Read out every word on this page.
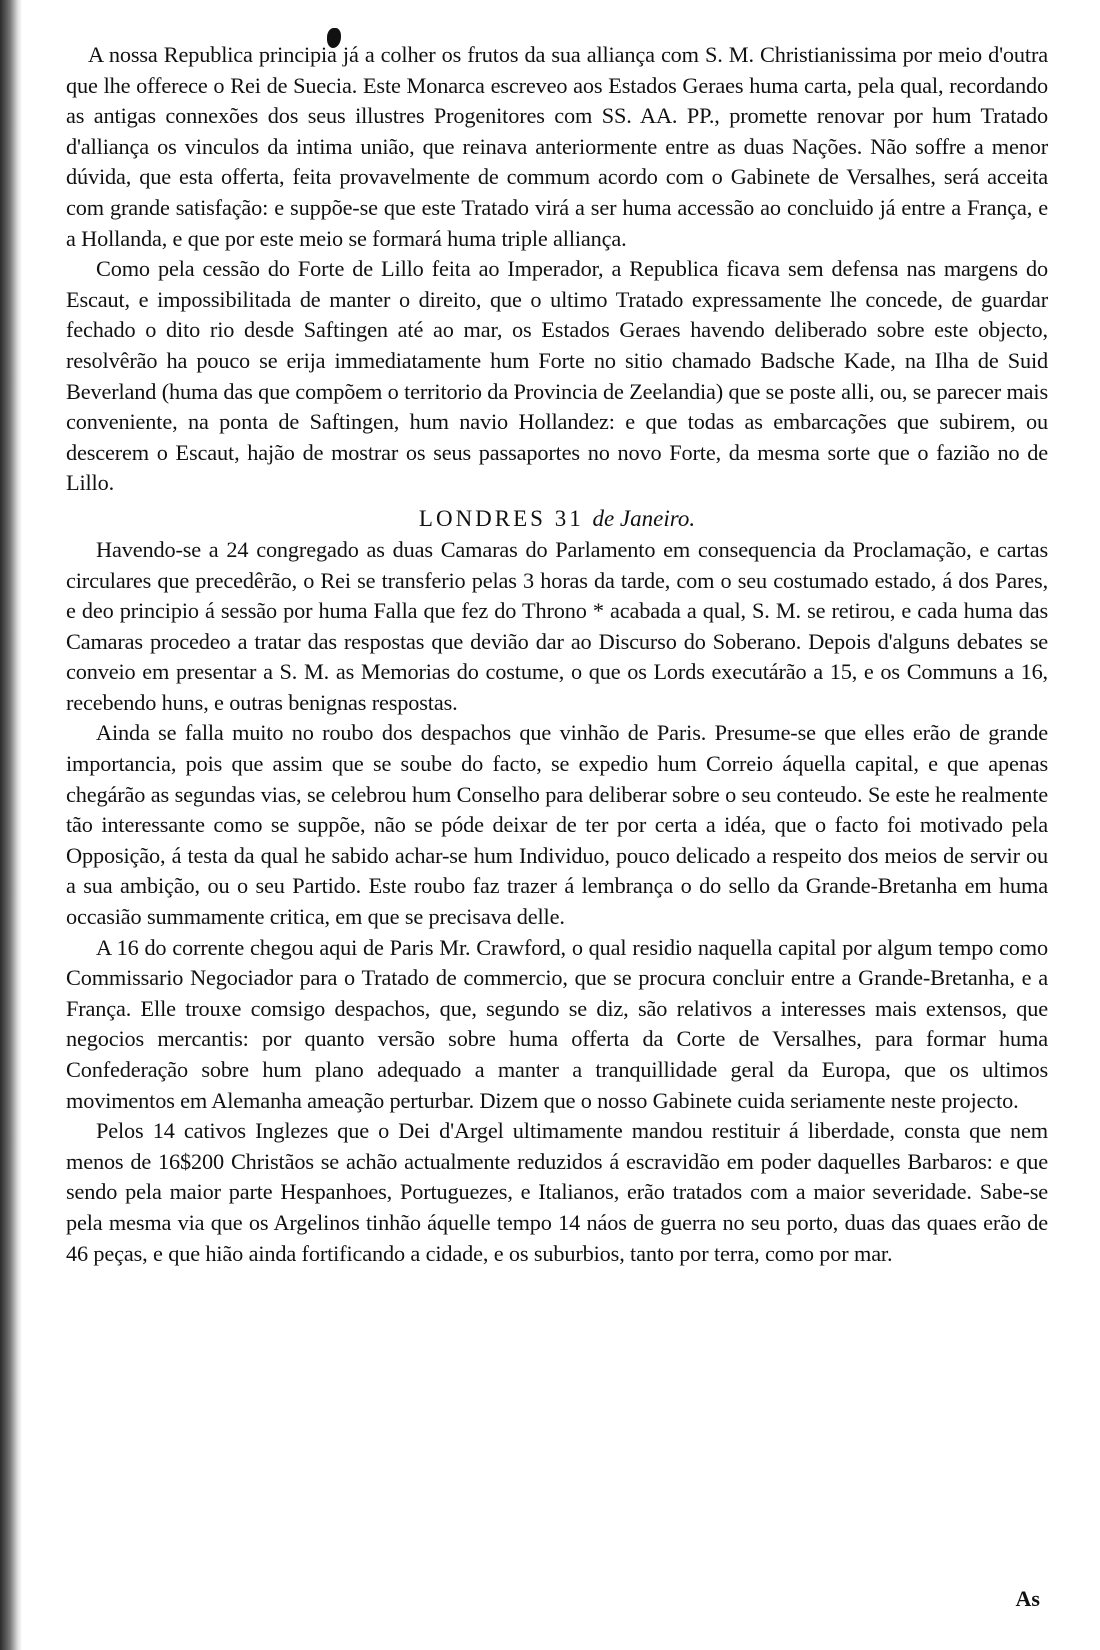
A nossa Republica principia já a colher os frutos da sua alliança com S. M. Christianissima por meio d'outra que lhe offerece o Rei de Suecia. Este Monarca escreveo aos Estados Geraes huma carta, pela qual, recordando as antigas connexões dos seus illustres Progenitores com SS. AA. PP., promette renovar por hum Tratado d'alliança os vinculos da intima união, que reinava anteriormente entre as duas Nações. Não soffre a menor dúvida, que esta offerta, feita provavelmente de commum acordo com o Gabinete de Versalhes, será acceita com grande satisfação: e suppõe-se que este Tratado virá a ser huma accessão ao concluido já entre a França, e a Hollanda, e que por este meio se formará huma triple alliança.

Como pela cessão do Forte de Lillo feita ao Imperador, a Republica ficava sem defensa nas margens do Escaut, e impossibilitada de manter o direito, que o ultimo Tratado expressamente lhe concede, de guardar fechado o dito rio desde Saftingen até ao mar, os Estados Geraes havendo deliberado sobre este objecto, resolvêrão ha pouco se erija immediatamente hum Forte no sitio chamado Badsche Kade, na Ilha de Suid Beverland (huma das que compõem o territorio da Provincia de Zeelandia) que se poste alli, ou, se parecer mais conveniente, na ponta de Saftingen, hum navio Hollandez: e que todas as embarcações que subirem, ou descerem o Escaut, hajão de mostrar os seus passaportes no novo Forte, da mesma sorte que o fazião no de Lillo.

LONDRES 31 de Janeiro.

Havendo-se a 24 congregado as duas Camaras do Parlamento em consequencia da Proclamação, e cartas circulares que precedêrão, o Rei se transferio pelas 3 horas da tarde, com o seu costumado estado, á dos Pares, e deo principio á sessão por huma Falla que fez do Throno * acabada a qual, S. M. se retirou, e cada huma das Camaras procedeo a tratar das respostas que devião dar ao Discurso do Soberano. Depois d'alguns debates se conveio em presentar a S. M. as Memorias do costume, o que os Lords executárão a 15, e os Communs a 16, recebendo huns, e outras benignas respostas.

Ainda se falla muito no roubo dos despachos que vinhão de Paris. Presume-se que elles erão de grande importancia, pois que assim que se soube do facto, se expedio hum Correio áquella capital, e que apenas chegárão as segundas vias, se celebrou hum Conselho para deliberar sobre o seu conteudo. Se este he realmente tão interessante como se suppõe, não se póde deixar de ter por certa a idéa, que o facto foi motivado pela Opposição, á testa da qual he sabido achar-se hum Individuo, pouco delicado a respeito dos meios de servir ou a sua ambição, ou o seu Partido. Este roubo faz trazer á lembrança o do sello da Grande-Bretanha em huma occasião summamente critica, em que se precisava delle.

A 16 do corrente chegou aqui de Paris Mr. Crawford, o qual residio naquella capital por algum tempo como Commissario Negociador para o Tratado de commercio, que se procura concluir entre a Grande-Bretanha, e a França. Elle trouxe comsigo despachos, que, segundo se diz, são relativos a interesses mais extensos, que negocios mercantis: por quanto versão sobre huma offerta da Corte de Versalhes, para formar huma Confederação sobre hum plano adequado a manter a tranquillidade geral da Europa, que os ultimos movimentos em Alemanha ameação perturbar. Dizem que o nosso Gabinete cuida seriamente neste projecto.

Pelos 14 cativos Inglezes que o Dei d'Argel ultimamente mandou restituir á liberdade, consta que nem menos de 16$200 Christãos se achão actualmente reduzidos á escravidão em poder daquelles Barbaros: e que sendo pela maior parte Hespanhoes, Portuguezes, e Italianos, erão tratados com a maior severidade. Sabe-se pela mesma via que os Argelinos tinhão áquelle tempo 14 náos de guerra no seu porto, duas das quaes erão de 46 peças, e que hião ainda fortificando a cidade, e os suburbios, tanto por terra, como por mar.

As
